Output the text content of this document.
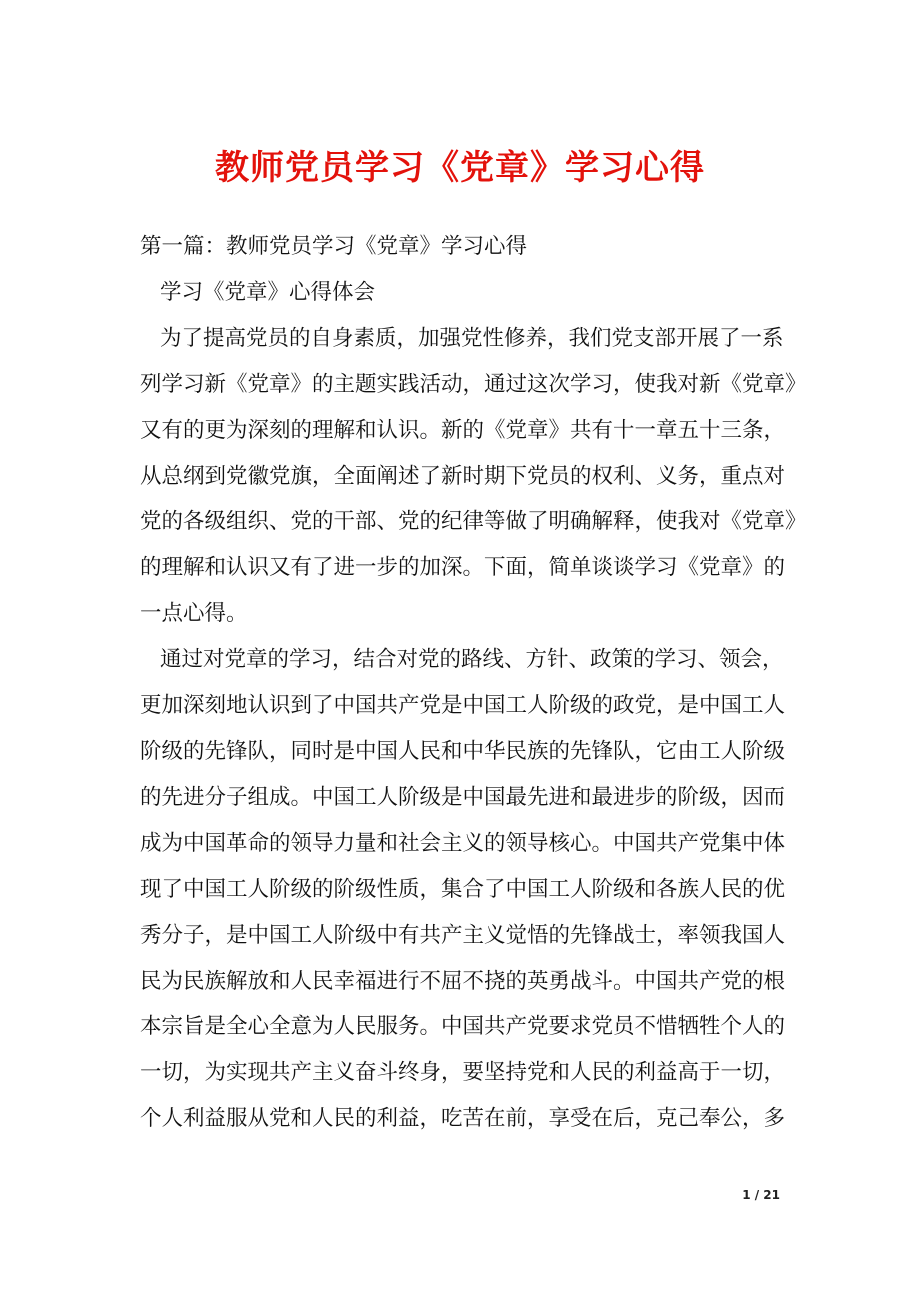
教师党员学习《党章》学习心得

第一篇：教师党员学习《党章》学习心得

学习《党章》心得体会

为了提高党员的自身素质，加强党性修养，我们党支部开展了一系

列学习新《党章》的主题实践活动，通过这次学习，使我对新《党章》

又有的更为深刻的理解和认识。新的《党章》共有十一章五十三条，

从总纲到党徽党旗，全面阐述了新时期下党员的权利、义务，重点对

党的各级组织、党的干部、党的纪律等做了明确解释，使我对《党章》

的理解和认识又有了进一步的加深。下面，简单谈谈学习《党章》的

一点心得。

通过对党章的学习，结合对党的路线、方针、政策的学习、领会，

更加深刻地认识到了中国共产党是中国工人阶级的政党，是中国工人

阶级的先锋队，同时是中国人民和中华民族的先锋队，它由工人阶级

的先进分子组成。中国工人阶级是中国最先进和最进步的阶级，因而

成为中国革命的领导力量和社会主义的领导核心。中国共产党集中体

现了中国工人阶级的阶级性质，集合了中国工人阶级和各族人民的优

秀分子，是中国工人阶级中有共产主义觉悟的先锋战士，率领我国人

民为民族解放和人民幸福进行不屈不挠的英勇战斗。中国共产党的根

本宗旨是全心全意为人民服务。中国共产党要求党员不惜牺牲个人的

一切，为实现共产主义奋斗终身，要坚持党和人民的利益高于一切，

个人利益服从党和人民的利益，吃苦在前，享受在后，克己奉公，多

1 / 21
